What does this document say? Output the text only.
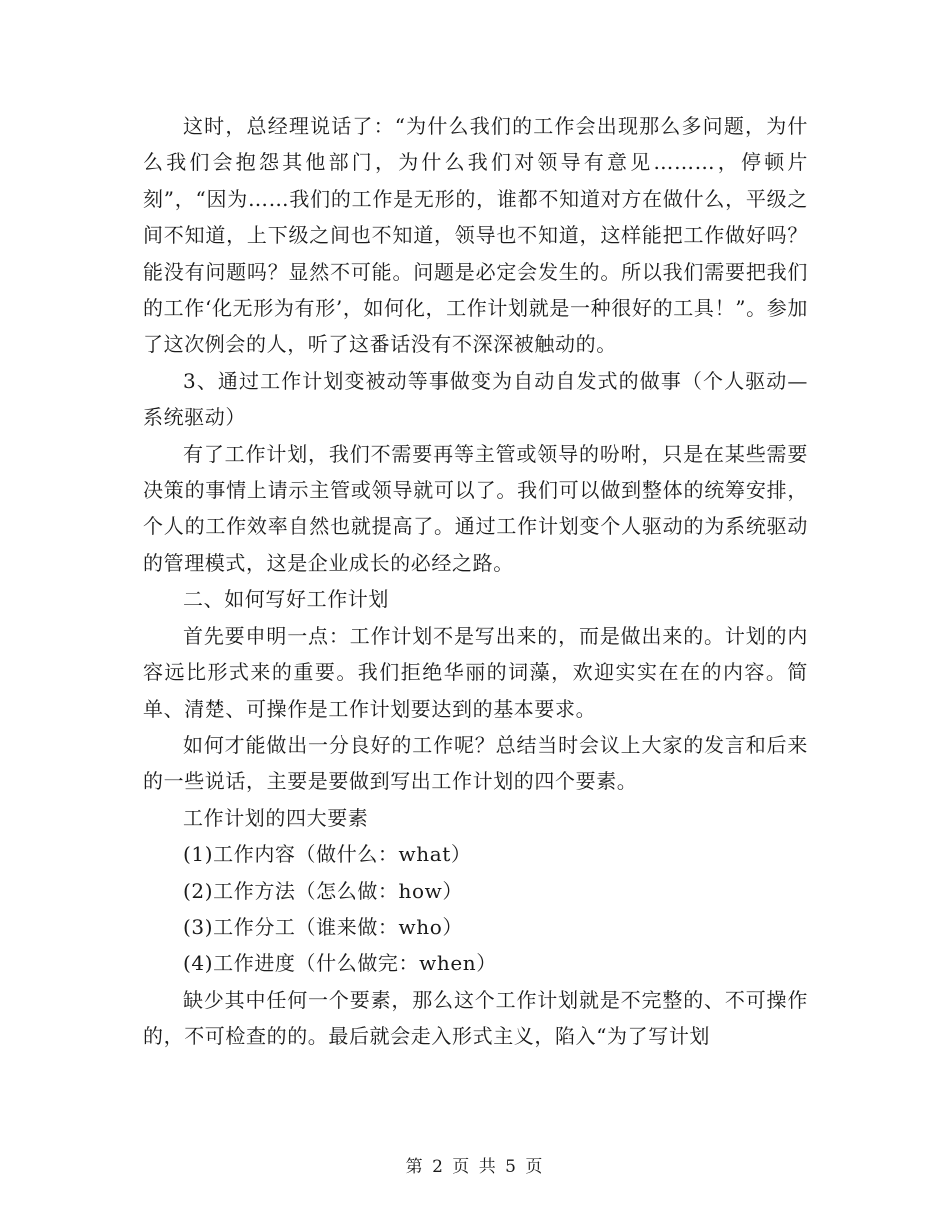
这时，总经理说话了：“为什么我们的工作会出现那么多问题，为什么我们会抱怨其他部门，为什么我们对领导有意见………，停顿片刻”，“因为……我们的工作是无形的，谁都不知道对方在做什么，平级之间不知道，上下级之间也不知道，领导也不知道，这样能把工作做好吗？能没有问题吗？显然不可能。问题是必定会发生的。所以我们需要把我们的工作‘化无形为有形’，如何化，工作计划就是一种很好的工具！”。参加了这次例会的人，听了这番话没有不深深被触动的。

3、通过工作计划变被动等事做变为自动自发式的做事（个人驱动—系统驱动）

有了工作计划，我们不需要再等主管或领导的吩咐，只是在某些需要决策的事情上请示主管或领导就可以了。我们可以做到整体的统筹安排，个人的工作效率自然也就提高了。通过工作计划变个人驱动的为系统驱动的管理模式，这是企业成长的必经之路。

二、如何写好工作计划

首先要申明一点：工作计划不是写出来的，而是做出来的。计划的内容远比形式来的重要。我们拒绝华丽的词藻，欢迎实实在在的内容。简单、清楚、可操作是工作计划要达到的基本要求。

如何才能做出一分良好的工作呢？总结当时会议上大家的发言和后来的一些说话，主要是要做到写出工作计划的四个要素。

工作计划的四大要素

(1)工作内容（做什么：what）

(2)工作方法（怎么做：how）

(3)工作分工（谁来做：who）

(4)工作进度（什么做完：when）

缺少其中任何一个要素，那么这个工作计划就是不完整的、不可操作的，不可检查的的。最后就会走入形式主义，陷入“为了写计划

第 2 页 共 5 页
